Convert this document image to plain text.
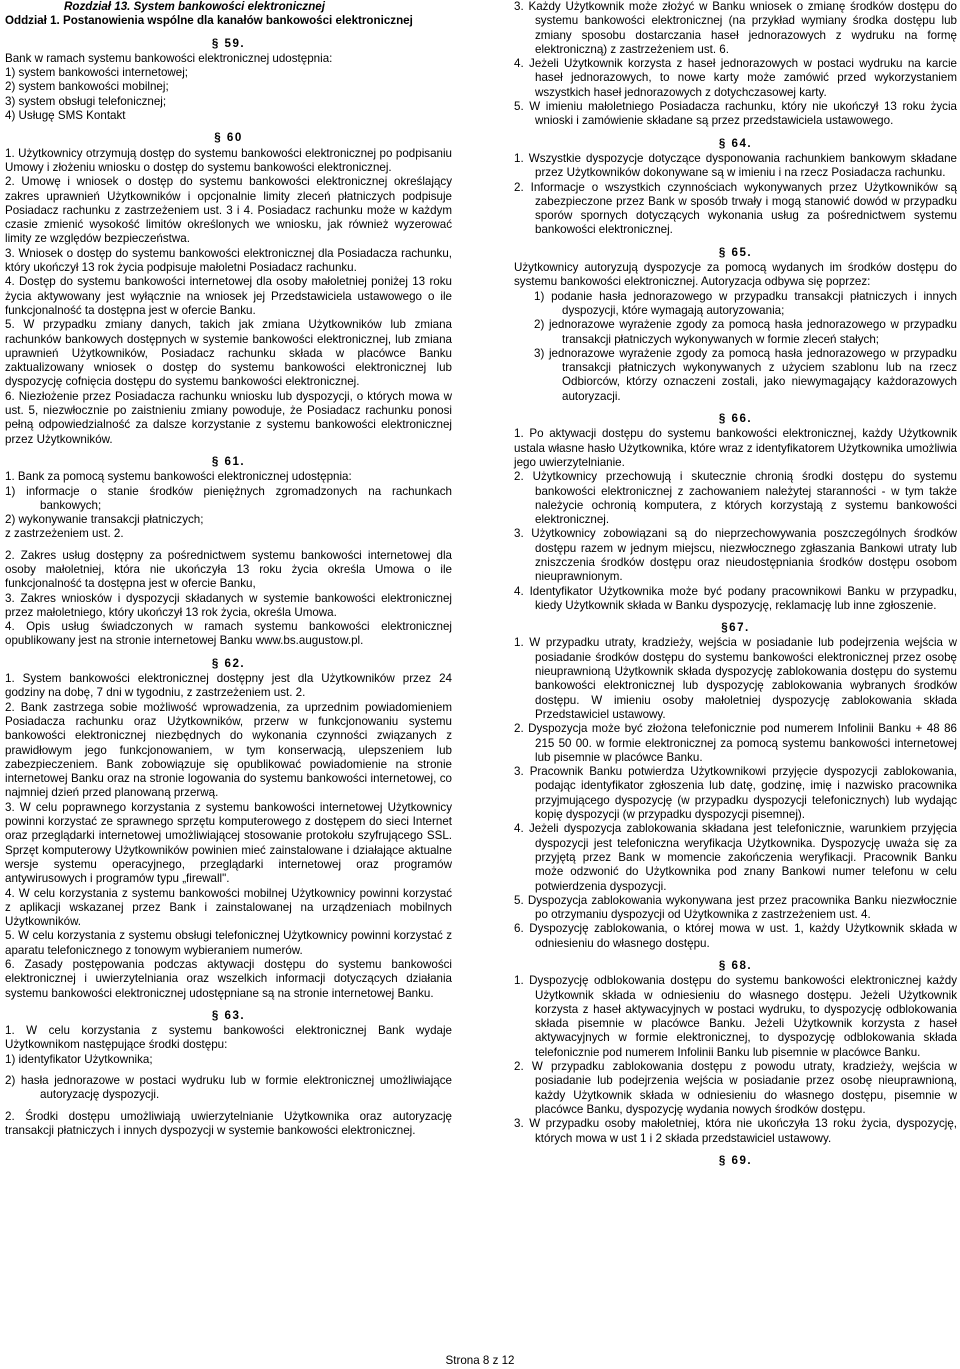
Rozdział 13. System bankowości elektronicznej

Oddział 1. Postanowienia wspólne dla kanałów bankowości elektronicznej

§ 59.

Bank w ramach systemu bankowości elektronicznej udostępnia:

1) system bankowości internetowej;

2) system bankowości mobilnej;

3) system obsługi telefonicznej;

4) Usługę SMS Kontakt

§ 60

1. Użytkownicy otrzymują dostęp do systemu bankowości elektronicznej po podpisaniu Umowy i złożeniu wniosku o dostęp do systemu bankowości elektronicznej.

2. Umowę i wniosek o dostęp do systemu bankowości elektronicznej określający zakres uprawnień Użytkowników i opcjonalnie limity zleceń płatniczych podpisuje Posiadacz rachunku z zastrzeżeniem ust. 3 i 4. Posiadacz rachunku może w każdym czasie zmienić wysokość limitów określonych we wniosku, jak również wyzerować limity ze względów bezpieczeństwa.

3. Wniosek o dostęp do systemu bankowości elektronicznej dla Posiadacza rachunku, który ukończył 13 rok życia podpisuje małoletni Posiadacz rachunku.

4. Dostęp do systemu bankowości internetowej dla osoby małoletniej poniżej 13 roku życia aktywowany jest wyłącznie na wniosek jej Przedstawiciela ustawowego o ile funkcjonalność ta dostępna jest w ofercie Banku.

5. W przypadku zmiany danych, takich jak zmiana Użytkowników lub zmiana rachunków bankowych dostępnych w systemie bankowości elektronicznej, lub zmiana uprawnień Użytkowników, Posiadacz rachunku składa w placówce Banku zaktualizowany wniosek o dostęp do systemu bankowości elektronicznej lub dyspozycję cofnięcia dostępu do systemu bankowości elektronicznej.

6. Niezłożenie przez Posiadacza rachunku wniosku lub dyspozycji, o których mowa w ust. 5, niezwłocznie po zaistnieniu zmiany powoduje, że Posiadacz rachunku ponosi pełną odpowiedzialność za dalsze korzystanie z systemu bankowości elektronicznej przez Użytkowników.

§ 61.

1. Bank za pomocą systemu bankowości elektronicznej udostępnia:

1) informacje o stanie środków pieniężnych zgromadzonych na rachunkach bankowych;

2) wykonywanie transakcji płatniczych;

z zastrzeżeniem ust. 2.

2. Zakres usług dostępny za pośrednictwem systemu bankowości internetowej dla osoby małoletniej, która nie ukończyła 13 roku życia określa Umowa o ile funkcjonalność ta dostępna jest w ofercie Banku,

3. Zakres wniosków i dyspozycji składanych w systemie bankowości elektronicznej przez małoletniego, który ukończył 13 rok życia, określa Umowa.

4. Opis usług świadczonych w ramach systemu bankowości elektronicznej opublikowany jest na stronie internetowej Banku www.bs.augustow.pl.

§ 62.

1. System bankowości elektronicznej dostępny jest dla Użytkowników przez 24 godziny na dobę, 7 dni w tygodniu, z zastrzeżeniem ust. 2.

2. Bank zastrzega sobie możliwość wprowadzenia, za uprzednim powiadomieniem Posiadacza rachunku oraz Użytkowników, przerw w funkcjonowaniu systemu bankowości elektronicznej niezbędnych do wykonania czynności związanych z prawidłowym jego funkcjonowaniem, w tym konserwacją, ulepszeniem lub zabezpieczeniem. Bank zobowiązuje się opublikować powiadomienie na stronie internetowej Banku oraz na stronie logowania do systemu bankowości internetowej, co najmniej dzień przed planowaną przerwą.

3. W celu poprawnego korzystania z systemu bankowości internetowej Użytkownicy powinni korzystać ze sprawnego sprzętu komputerowego z dostępem do sieci Internet oraz przeglądarki internetowej umożliwiającej stosowanie protokołu szyfrującego SSL. Sprzęt komputerowy Użytkowników powinien mieć zainstalowane i działające aktualne wersje systemu operacyjnego, przeglądarki internetowej oraz programów antywirusowych i programów typu „firewall".

4. W celu korzystania z systemu bankowości mobilnej Użytkownicy powinni korzystać z aplikacji wskazanej przez Bank i zainstalowanej na urządzeniach mobilnych Użytkowników.

5. W celu korzystania z systemu obsługi telefonicznej Użytkownicy powinni korzystać z aparatu telefonicznego z tonowym wybieraniem numerów.

6. Zasady postępowania podczas aktywacji dostępu do systemu bankowości elektronicznej i uwierzytelniania oraz wszelkich informacji dotyczących działania systemu bankowości elektronicznej udostępniane są na stronie internetowej Banku.

§ 63.

1. W celu korzystania z systemu bankowości elektronicznej Bank wydaje Użytkownikom następujące środki dostępu:

1) identyfikator Użytkownika;

2) hasła jednorazowe w postaci wydruku lub w formie elektronicznej umożliwiające autoryzację dyspozycji.

2. Środki dostępu umożliwiają uwierzytelnianie Użytkownika oraz autoryzację transakcji płatniczych i innych dyspozycji w systemie bankowości elektronicznej.

3. Każdy Użytkownik może złożyć w Banku wniosek o zmianę środków dostępu do systemu bankowości elektronicznej (na przykład wymiany środka dostępu lub zmiany sposobu dostarczania haseł jednorazowych z wydruku na formę elektroniczną) z zastrzeżeniem ust. 6.

4. Jeżeli Użytkownik korzysta z haseł jednorazowych w postaci wydruku na karcie haseł jednorazowych, to nowe karty może zamówić przed wykorzystaniem wszystkich haseł jednorazowych z dotychczasowej karty.

5. W imieniu małoletniego Posiadacza rachunku, który nie ukończył 13 roku życia wnioski i zamówienie składane są przez przedstawiciela ustawowego.

§ 64.

1. Wszystkie dyspozycje dotyczące dysponowania rachunkiem bankowym składane przez Użytkowników dokonywane są w imieniu i na rzecz Posiadacza rachunku.

2. Informacje o wszystkich czynnościach wykonywanych przez Użytkowników są zabezpieczone przez Bank w sposób trwały i mogą stanowić dowód w przypadku sporów spornych dotyczących wykonania usług za pośrednictwem systemu bankowości elektronicznej.

§ 65.

Użytkownicy autoryzują dyspozycje za pomocą wydanych im środków dostępu do systemu bankowości elektronicznej. Autoryzacja odbywa się poprzez:

1) podanie hasła jednorazowego w przypadku transakcji płatniczych i innych dyspozycji, które wymagają autoryzowania;

2) jednorazowe wyrażenie zgody za pomocą hasła jednorazowego w przypadku transakcji płatniczych wykonywanych w formie zleceń stałych;

3) jednorazowe wyrażenie zgody za pomocą hasła jednorazowego w przypadku transakcji płatniczych wykonywanych z użyciem szablonu lub na rzecz Odbiorców, którzy oznaczeni zostali, jako niewymagający każdorazowych autoryzacji.

§ 66.

1. Po aktywacji dostępu do systemu bankowości elektronicznej, każdy Użytkownik ustala własne hasło Użytkownika, które wraz z identyfikatorem Użytkownika umożliwia jego uwierzytelnianie.

2. Użytkownicy przechowują i skutecznie chronią środki dostępu do systemu bankowości elektronicznej z zachowaniem należytej staranności - w tym także należycie ochronią komputera, z których korzystają z systemu bankowości elektronicznej.

3. Użytkownicy zobowiązani są do nieprzechowywania poszczególnych środków dostępu razem w jednym miejscu, niezwłocznego zgłaszania Bankowi utraty lub zniszczenia środków dostępu oraz nieudostępniania środków dostępu osobom nieuprawnionym.

4. Identyfikator Użytkownika może być podany pracownikowi Banku w przypadku, kiedy Użytkownik składa w Banku dyspozycję, reklamację lub inne zgłoszenie.

§67.

1. W przypadku utraty, kradzieży, wejścia w posiadanie lub podejrzenia wejścia w posiadanie środków dostępu do systemu bankowości elektronicznej przez osobę nieuprawnioną Użytkownik składa dyspozycję zablokowania dostępu do systemu bankowości elektronicznej lub dyspozycję zablokowania wybranych środków dostępu. W imieniu osoby małoletniej dyspozycję zablokowania składa Przedstawiciel ustawowy.

2. Dyspozycja może być złożona telefonicznie pod numerem Infolinii Banku + 48 86 215 50 00. w formie elektronicznej za pomocą systemu bankowości internetowej lub pisemnie w placówce Banku.

3. Pracownik Banku potwierdza Użytkownikowi przyjęcie dyspozycji zablokowania, podając identyfikator zgłoszenia lub datę, godzinę, imię i nazwisko pracownika przyjmującego dyspozycję (w przypadku dyspozycji telefonicznych) lub wydając kopię dyspozycji (w przypadku dyspozycji pisemnej).

4. Jeżeli dyspozycja zablokowania składana jest telefonicznie, warunkiem przyjęcia dyspozycji jest telefoniczna weryfikacja Użytkownika. Dyspozycję uważa się za przyjętą przez Bank w momencie zakończenia weryfikacji. Pracownik Banku może odzwonić do Użytkownika pod znany Bankowi numer telefonu w celu potwierdzenia dyspozycji.

5. Dyspozycja zablokowania wykonywana jest przez pracownika Banku niezwłocznie po otrzymaniu dyspozycji od Użytkownika z zastrzeżeniem ust. 4.

6. Dyspozycję zablokowania, o której mowa w ust. 1, każdy Użytkownik składa w odniesieniu do własnego dostępu.

§ 68.

1. Dyspozycję odblokowania dostępu do systemu bankowości elektronicznej każdy Użytkownik składa w odniesieniu do własnego dostępu. Jeżeli Użytkownik korzysta z haseł aktywacyjnych w postaci wydruku, to dyspozycję odblokowania składa pisemnie w placówce Banku. Jeżeli Użytkownik korzysta z haseł aktywacyjnych w formie elektronicznej, to dyspozycję odblokowania składa telefonicznie pod numerem Infolinii Banku lub pisemnie w placówce Banku.

2. W przypadku zablokowania dostępu z powodu utraty, kradzieży, wejścia w posiadanie lub podejrzenia wejścia w posiadanie przez osobę nieuprawnioną, każdy Użytkownik składa w odniesieniu do własnego dostępu, pisemnie w placówce Banku, dyspozycję wydania nowych środków dostępu.

3. W przypadku osoby małoletniej, która nie ukończyła 13 roku życia, dyspozycję, których mowa w ust 1 i 2 składa przedstawiciel ustawowy.

§ 69.

Strona 8 z 12
